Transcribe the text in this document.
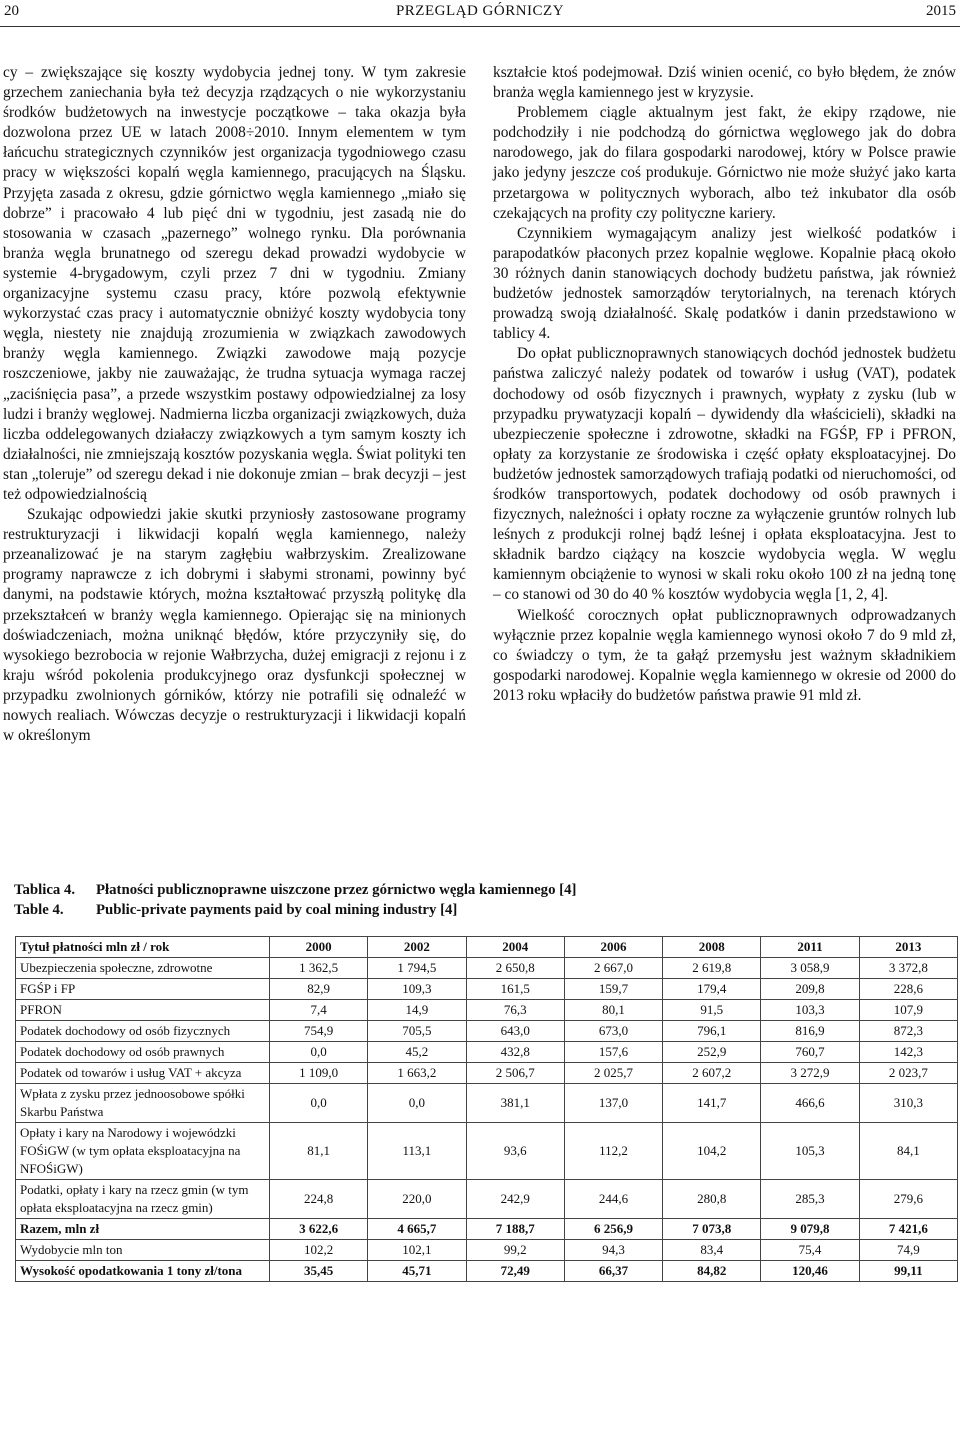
20	PRZEGLĄD GÓRNICZY	2015

cy – zwiększające się koszty wydobycia jednej tony. W tym zakresie grzechem zaniechania była też decyzja rządzących o nie wykorzystaniu środków budżetowych na inwestycje początkowe – taka okazja była dozwolona przez UE w latach 2008÷2010. Innym elementem w tym łańcuchu strategicznych czynników jest organizacja tygodniowego czasu pracy w większości kopalń węgla kamiennego, pracujących na Śląsku. Przyjęta zasada z okresu, gdzie górnictwo węgla kamiennego „miało się dobrze” i pracowało 4 lub pięć dni w tygodniu, jest zasadą nie do stosowania w czasach „pazernego” wolnego rynku. Dla porównania branża węgla brunatnego od szeregu dekad prowadzi wydobycie w systemie 4-brygadowym, czyli przez 7 dni w tygodniu. Zmiany organizacyjne systemu czasu pracy, które pozwolą efektywnie wykorzystać czas pracy i automatycznie obniżyć koszty wydobycia tony węgla, niestety nie znajdują zrozumienia w związkach zawodowych branży węgla kamiennego. Związki zawodowe mają pozycje roszczeniowe, jakby nie zauważając, że trudna sytuacja wymaga raczej „zaciśnięcia pasa”, a przede wszystkim postawy odpowiedzialnej za losy ludzi i branży węglowej. Nadmierna liczba organizacji związkowych, duża liczba oddelegowanych działaczy związkowych a tym samym koszty ich działalności, nie zmniejszają kosztów pozyskania węgla. Świat polityki ten stan „toleruje” od szeregu dekad i nie dokonuje zmian – brak decyzji – jest też odpowiedzialnością

Szukając odpowiedzi jakie skutki przyniosły zastosowane programy restrukturyzacji i likwidacji kopalń węgla kamiennego, należy przeanalizować je na starym zagłębiu wałbrzyskim. Zrealizowane programy naprawcze z ich dobrymi i słabymi stronami, powinny być danymi, na podstawie których, można kształtować przyszłą politykę dla przekształceń w branży węgla kamiennego. Opierając się na minionych doświadczeniach, można uniknąć błędów, które przyczyniły się, do wysokiego bezrobocia w rejonie Wałbrzycha, dużej emigracji z rejonu i z kraju wśród pokolenia produkcyjnego oraz dysfunkcji społecznej w przypadku zwolnionych górników, którzy nie potrafili się odnaleźć w nowych realiach. Wówczas decyzje o restrukturyzacji i likwidacji kopalń w określonym

kształcie ktoś podejmował. Dziś winien ocenić, co było błędem, że znów branża węgla kamiennego jest w kryzysie.

Problemem ciągle aktualnym jest fakt, że ekipy rządowe, nie podchodziły i nie podchodzą do górnictwa węglowego jak do dobra narodowego, jak do filara gospodarki narodowej, który w Polsce prawie jako jedyny jeszcze coś produkuje. Górnictwo nie może służyć jako karta przetargowa w politycznych wyborach, albo też inkubator dla osób czekających na profity czy polityczne kariery.

Czynnikiem wymagającym analizy jest wielkość podatków i parapodatków płaconych przez kopalnie węglowe. Kopalnie płacą około 30 różnych danin stanowiących dochody budżetu państwa, jak również budżetów jednostek samorządów terytorialnych, na terenach których prowadzą swoją działalność. Skalę podatków i danin przedstawiono w tablicy 4.

Do opłat publicznoprawnych stanowiących dochód jednostek budżetu państwa zaliczyć należy podatek od towarów i usług (VAT), podatek dochodowy od osób fizycznych i prawnych, wypłaty z zysku (lub w przypadku prywatyzacji kopalń – dywidendy dla właścicieli), składki na ubezpieczenie społeczne i zdrowotne, składki na FGŚP, FP i PFRON, opłaty za korzystanie ze środowiska i część opłaty eksploatacyjnej. Do budżetów jednostek samorządowych trafiają podatki od nieruchomości, od środków transportowych, podatek dochodowy od osób prawnych i fizycznych, należności i opłaty roczne za wyłączenie gruntów rolnych lub leśnych z produkcji rolnej bądź leśnej i opłata eksploatacyjna. Jest to składnik bardzo ciążący na koszcie wydobycia węgla. W węglu kamiennym obciążenie to wynosi w skali roku około 100 zł na jedną tonę – co stanowi od 30 do 40 % kosztów wydobycia węgla [1, 2, 4].

Wielkość corocznych opłat publicznoprawnych odprowadzanych wyłącznie przez kopalnie węgla kamiennego wynosi około 7 do 9 mld zł, co świadczy o tym, że ta gałąź przemysłu jest ważnym składnikiem gospodarki narodowej. Kopalnie węgla kamiennego w okresie od 2000 do 2013 roku wpłaciły do budżetów państwa prawie 91 mld zł.

Tablica 4. Płatności publicznoprawne uiszczone przez górnictwo węgla kamiennego [4]
Table 4. Public-private payments paid by coal mining industry [4]
Tytuł płatności mln zł / rok	2000	2002	2004	2006	2008	2011	2013
Ubezpieczenia społeczne, zdrowotne	1 362,5	1 794,5	2 650,8	2 667,0	2 619,8	3 058,9	3 372,8
FGŚP i FP	82,9	109,3	161,5	159,7	179,4	209,8	228,6
PFRON	7,4	14,9	76,3	80,1	91,5	103,3	107,9
Podatek dochodowy od osób fizycznych	754,9	705,5	643,0	673,0	796,1	816,9	872,3
Podatek dochodowy od osób prawnych	0,0	45,2	432,8	157,6	252,9	760,7	142,3
Podatek od towarów i usług VAT + akcyza	1 109,0	1 663,2	2 506,7	2 025,7	2 607,2	3 272,9	2 023,7
Wpłata z zysku przez jednoosobowe spółki Skarbu Państwa	0,0	0,0	381,1	137,0	141,7	466,6	310,3
Opłaty i kary na Narodowy i wojewódzki FOŚiGW (w tym opłata eksploatacyjna na NFOŚiGW)	81,1	113,1	93,6	112,2	104,2	105,3	84,1
Podatki, opłaty i kary na rzecz gmin (w tym opłata eksploatacyjna na rzecz gmin)	224,8	220,0	242,9	244,6	280,8	285,3	279,6
Razem, mln zł	3 622,6	4 665,7	7 188,7	6 256,9	7 073,8	9 079,8	7 421,6
Wydobycie mln ton	102,2	102,1	99,2	94,3	83,4	75,4	74,9
Wysokość opodatkowania 1 tony zł/tona	35,45	45,71	72,49	66,37	84,82	120,46	99,11
